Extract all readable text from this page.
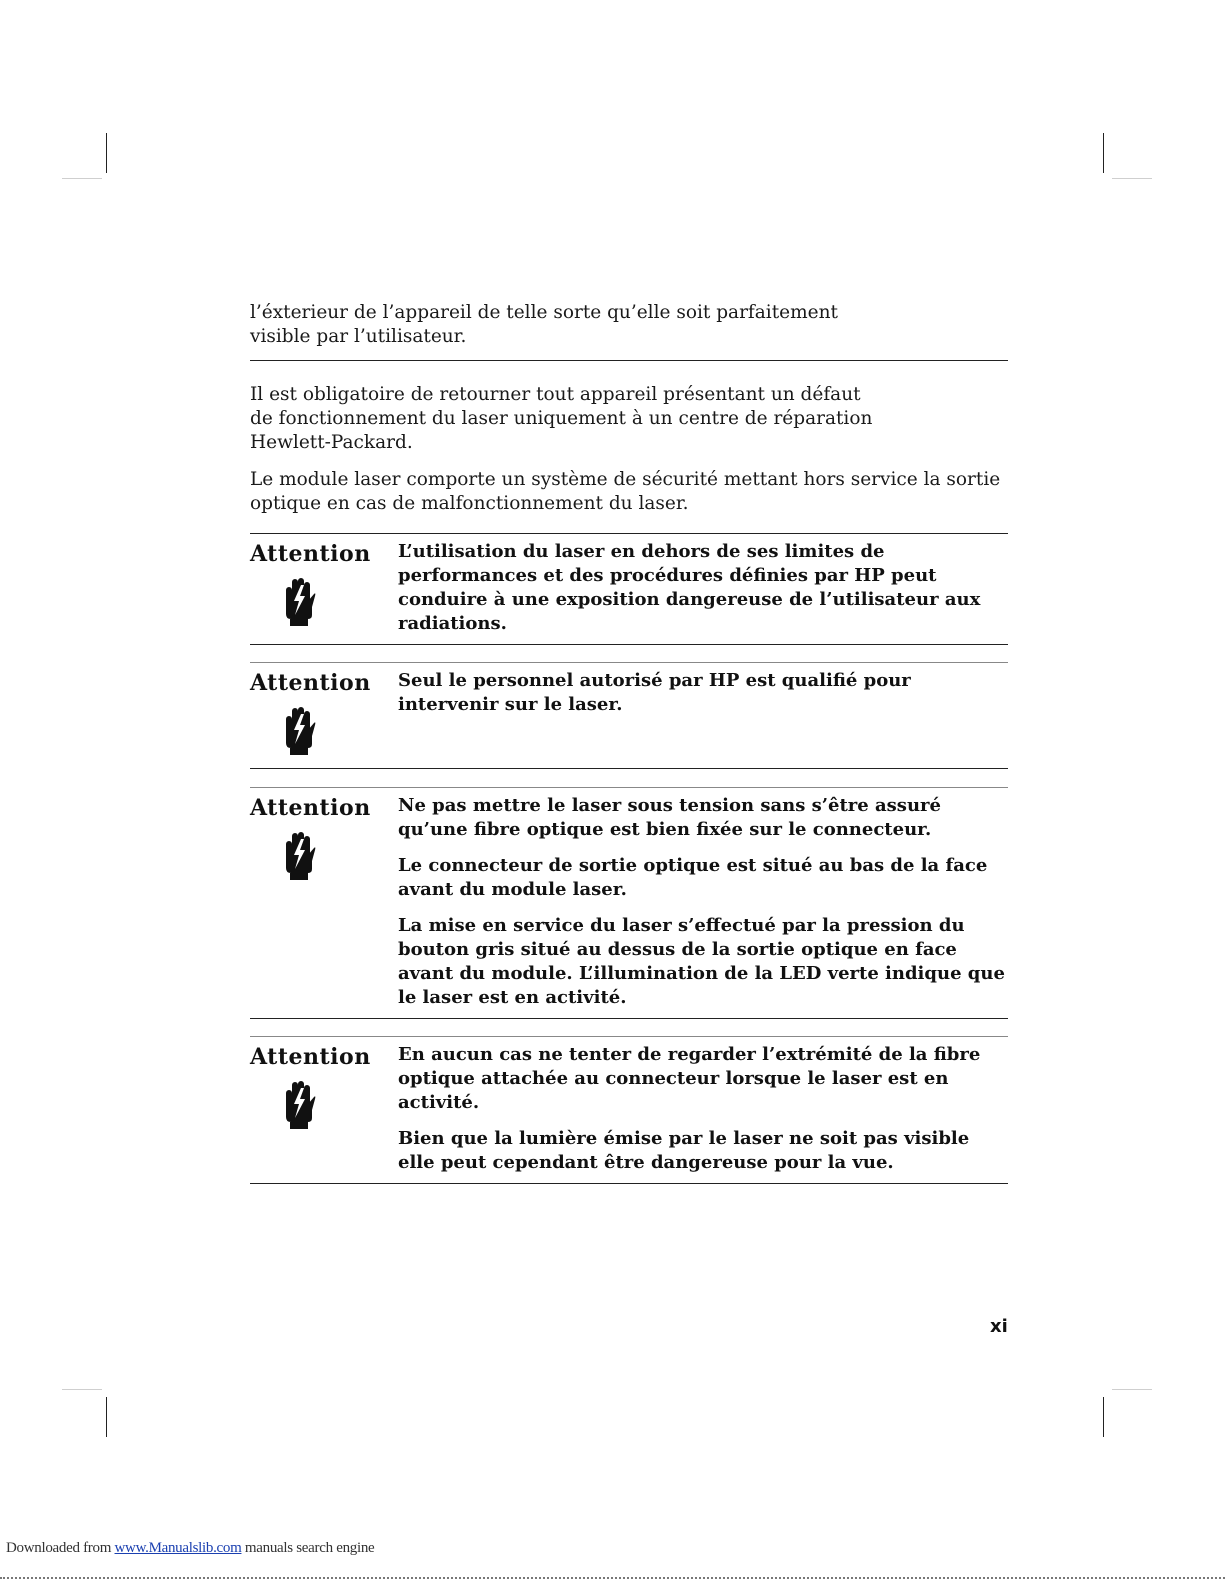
l’éxterieur de l’appareil de telle sorte qu’elle soit parfaitement visible par l’utilisateur.

Il est obligatoire de retourner tout appareil présentant un défaut de fonctionnement du laser uniquement à un centre de réparation Hewlett-Packard.

Le module laser comporte un système de sécurité mettant hors service la sortie optique en cas de malfonctionnement du laser.

Attention	L’utilisation du laser en dehors de ses limites de performances et des procédures définies par HP peut conduire à une exposition dangereuse de l’utilisateur aux radiations.

Attention	Seul le personnel autorisé par HP est qualifié pour intervenir sur le laser.

Attention	Ne pas mettre le laser sous tension sans s’être assuré qu’une fibre optique est bien fixée sur le connecteur.

Le connecteur de sortie optique est situé au bas de la face avant du module laser.

La mise en service du laser s’effectué par la pression du bouton gris situé au dessus de la sortie optique en face avant du module. L’illumination de la LED verte indique que le laser est en activité.

Attention	En aucun cas ne tenter de regarder l’extrémité de la fibre optique attachée au connecteur lorsque le laser est en activité.

Bien que la lumière émise par le laser ne soit pas visible elle peut cependant être dangereuse pour la vue.

xi
Downloaded from www.Manualslib.com manuals search engine
